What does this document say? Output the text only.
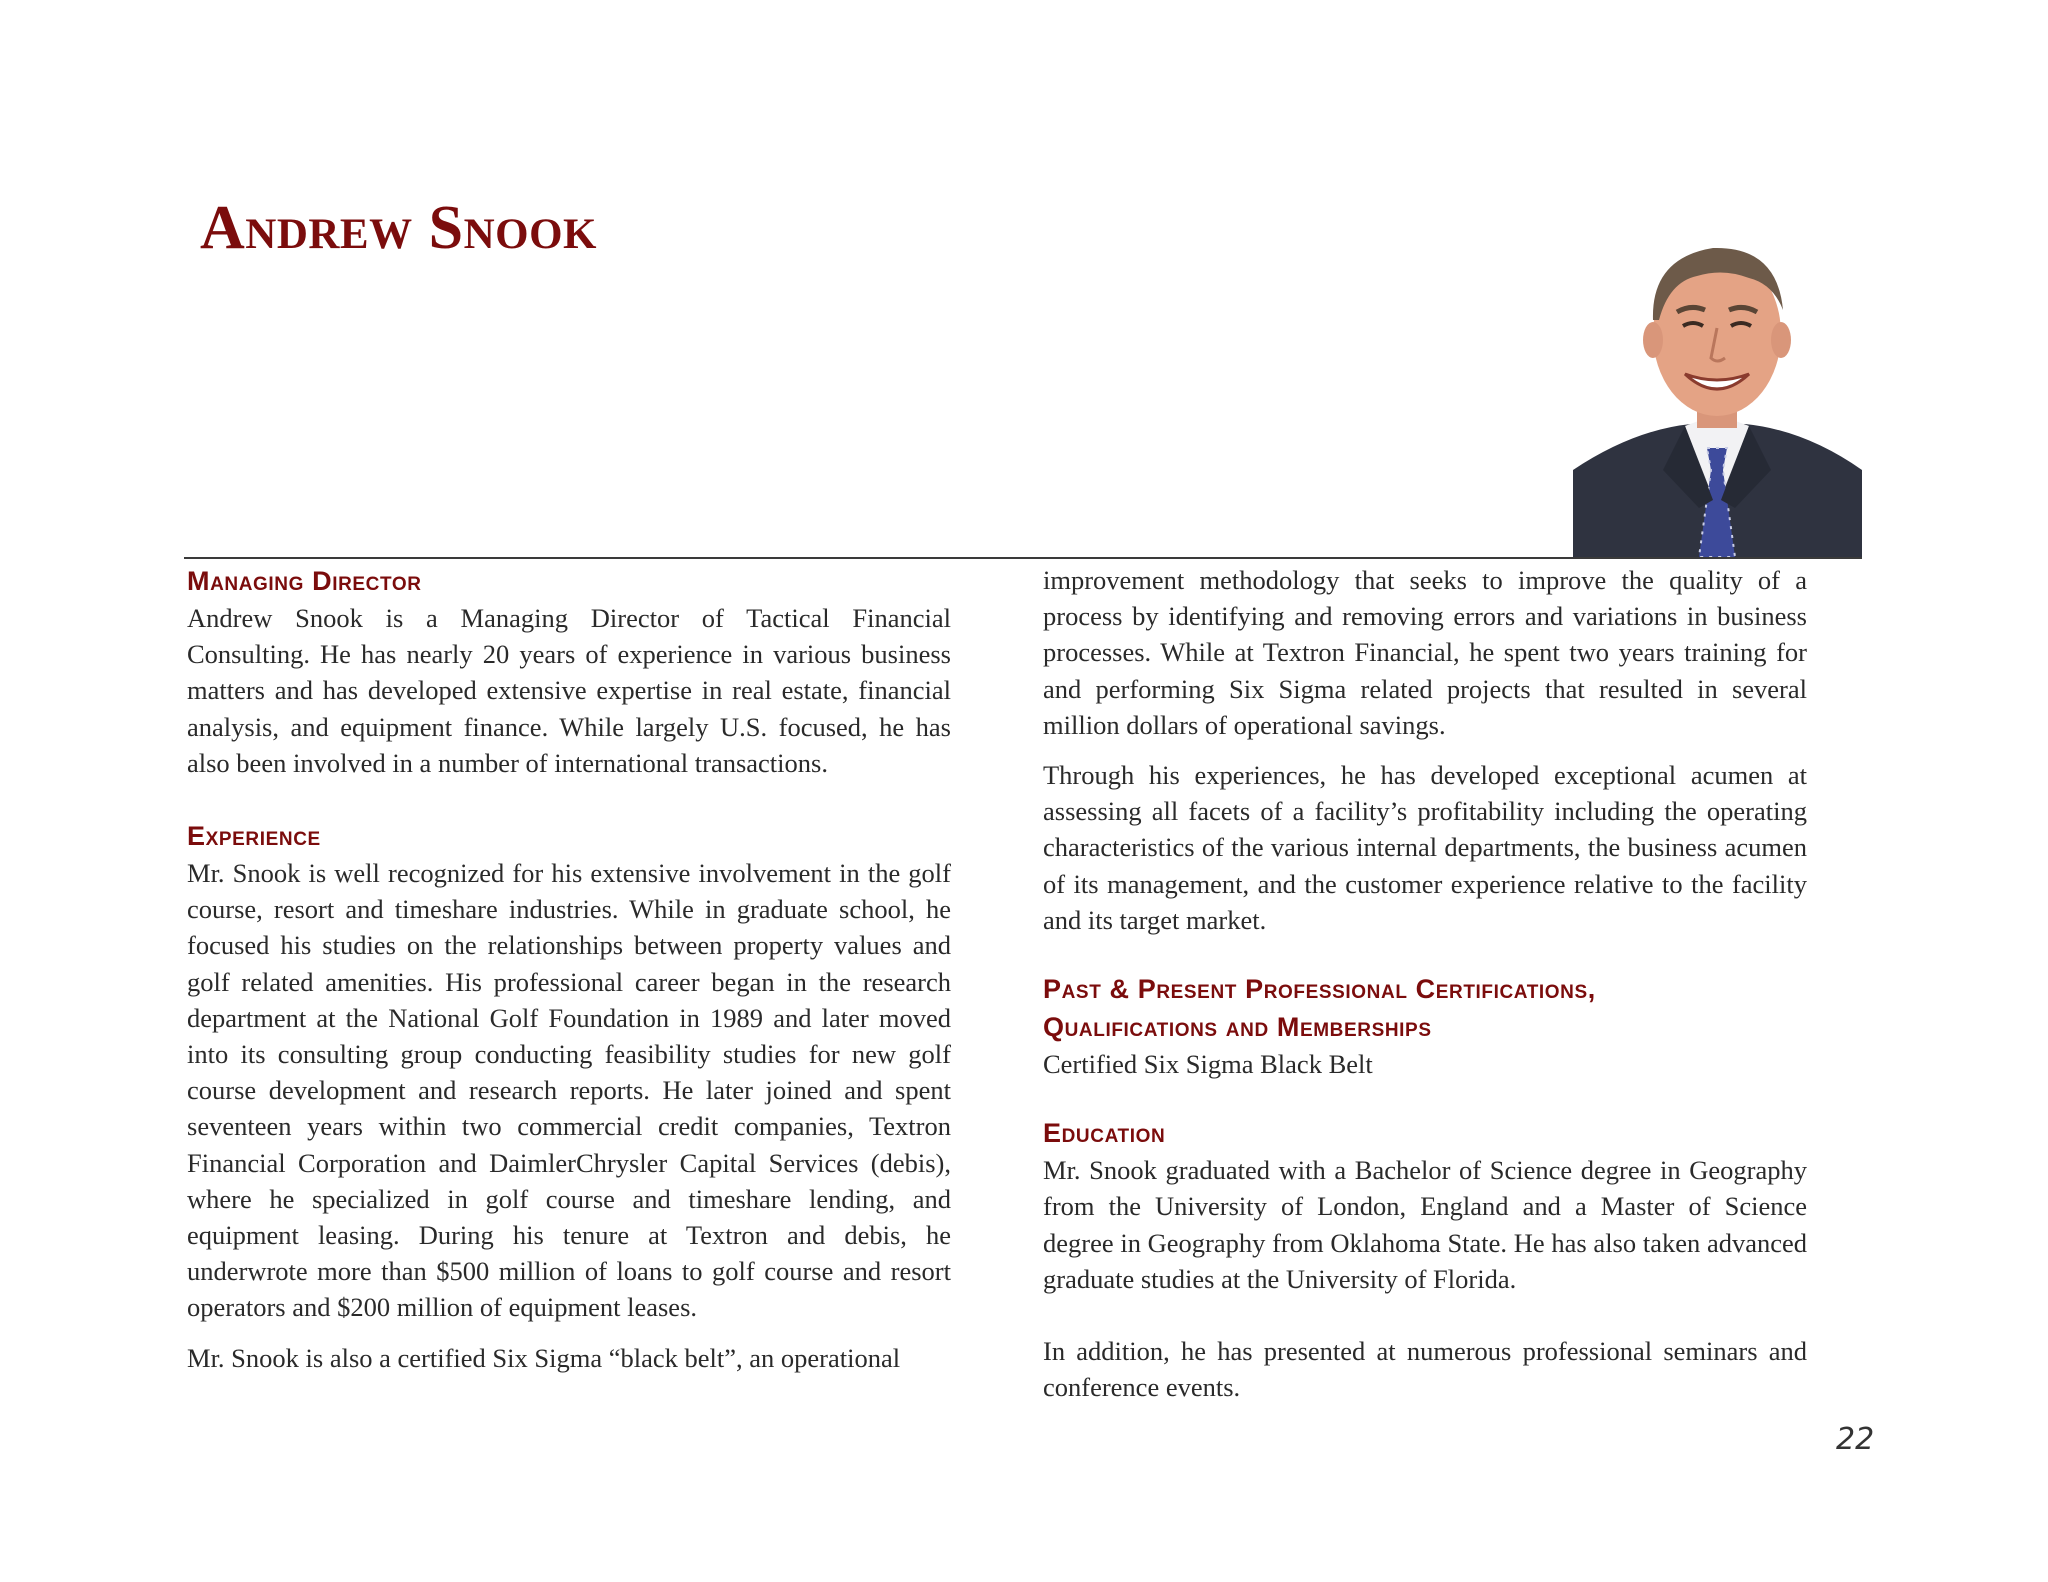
Andrew Snook
Managing Director

Andrew Snook is a Managing Director of Tactical Financial Consulting. He has nearly 20 years of experience in various business matters and has developed extensive expertise in real estate, financial analysis, and equipment finance. While largely U.S. focused, he has also been involved in a number of international transactions.

Experience

Mr. Snook is well recognized for his extensive involvement in the golf course, resort and timeshare industries. While in graduate school, he focused his studies on the relationships between property values and golf related amenities. His professional career began in the research department at the National Golf Foundation in 1989 and later moved into its consulting group conducting feasibility studies for new golf course development and research reports. He later joined and spent seventeen years within two commercial credit companies, Textron Financial Corporation and DaimlerChrysler Capital Services (debis), where he specialized in golf course and timeshare lending, and equipment leasing. During his tenure at Textron and debis, he underwrote more than $500 million of loans to golf course and resort operators and $200 million of equipment leases.

Mr. Snook is also a certified Six Sigma “black belt”, an operational

improvement methodology that seeks to improve the quality of a process by identifying and removing errors and variations in business processes. While at Textron Financial, he spent two years training for and performing Six Sigma related projects that resulted in several million dollars of operational savings.

Through his experiences, he has developed exceptional acumen at assessing all facets of a facility’s profitability including the operating characteristics of the various internal departments, the business acumen of its management, and the customer experience relative to the facility and its target market.

Past & Present Professional Certifications,
Qualifications and Memberships

Certified Six Sigma Black Belt

Education

Mr. Snook graduated with a Bachelor of Science degree in Geography from the University of London, England and a Master of Science degree in Geography from Oklahoma State. He has also taken advanced graduate studies at the University of Florida.

In addition, he has presented at numerous professional seminars and conference events.

22
